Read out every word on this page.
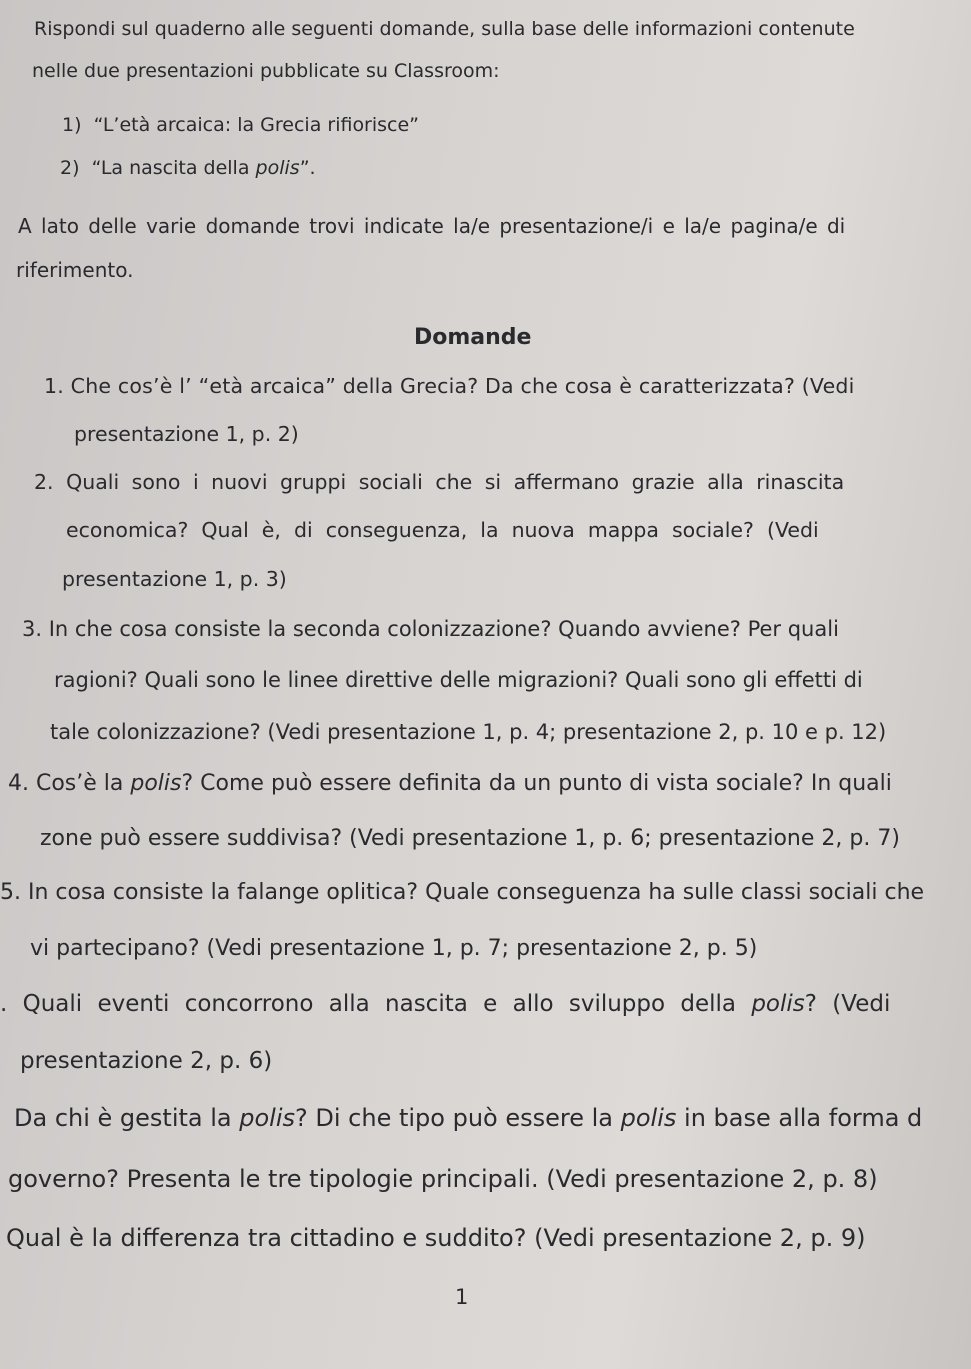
Rispondi sul quaderno alle seguenti domande, sulla base delle informazioni contenute
nelle due presentazioni pubblicate su Classroom:
1) “L’età arcaica: la Grecia rifiorisce”
2) “La nascita della polis”.
A lato delle varie domande trovi indicate la/e presentazione/i e la/e pagina/e di
riferimento.
Domande
1. Che cos’è l’ “età arcaica” della Grecia? Da che cosa è caratterizzata? (Vedi
presentazione 1, p. 2)
2. Quali sono i nuovi gruppi sociali che si affermano grazie alla rinascita
economica?  Qual  è,  di  conseguenza,  la  nuova  mappa  sociale?  (Vedi
presentazione 1, p. 3)
3. In che cosa consiste la seconda colonizzazione? Quando avviene? Per quali
ragioni? Quali sono le linee direttive delle migrazioni? Quali sono gli effetti di
tale colonizzazione? (Vedi presentazione 1, p. 4; presentazione 2, p. 10 e p. 12)
4. Cos’è la polis? Come può essere definita da un punto di vista sociale? In quali
zone può essere suddivisa? (Vedi presentazione 1, p. 6; presentazione 2, p. 7)
5. In cosa consiste la falange oplitica? Quale conseguenza ha sulle classi sociali che
vi partecipano? (Vedi presentazione 1, p. 7; presentazione 2, p. 5)
. Quali eventi concorrono alla nascita e allo sviluppo della polis? (Vedi
presentazione 2, p. 6)
Da chi è gestita la polis? Di che tipo può essere la polis in base alla forma d
governo? Presenta le tre tipologie principali. (Vedi presentazione 2, p. 8)
Qual è la differenza tra cittadino e suddito? (Vedi presentazione 2, p. 9)
1
